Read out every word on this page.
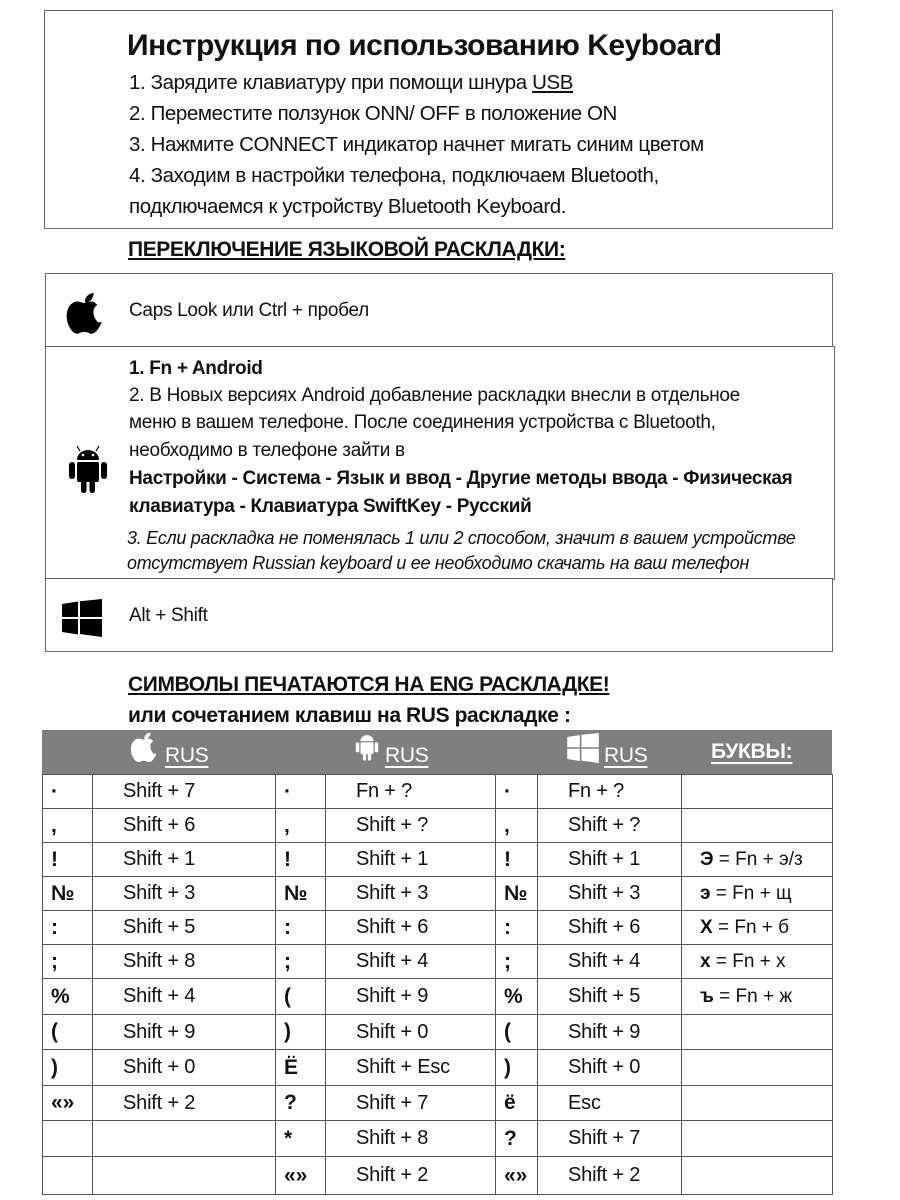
Инструкция по использованию Keyboard
1. Зарядите клавиатуру при помощи шнура USB
2. Переместите ползунок ONN/ OFF в положение ON
3. Нажмите CONNECT индикатор начнет мигать синим цветом
4. Заходим в настройки телефона, подключаем Bluetooth,
подключаемся к устройству Bluetooth Keyboard.
ПЕРЕКЛЮЧЕНИЕ ЯЗЫКОВОЙ РАСКЛАДКИ:
Caps Look или Ctrl + пробел
1. Fn + Android
2. В Новых версиях Android добавление раскладки внесли в отдельное
меню в вашем телефоне. После соединения устройства с Bluetooth,
необходимо в телефоне зайти в
Настройки - Система - Язык и ввод - Другие методы ввода - Физическая
клавиатура - Клавиатура SwiftKey - Русский
3. Если раскладка не поменялась 1 или 2 способом, значит в вашем устройстве
отсутствует Russian keyboard и ее необходимо скачать на ваш телефон
Alt + Shift
СИМВОЛЫ ПЕЧАТАЮТСЯ НА ENG РАСКЛАДКЕ!
или сочетанием клавиш на RUS раскладке :
RUS	RUS	RUS	БУКВЫ:
·	Shift + 7	·	Fn + ?	·	Fn + ?	
,	Shift + 6	,	Shift + ?	,	Shift + ?	
!	Shift + 1	!	Shift + 1	!	Shift + 1	Э = Fn + э/з
№	Shift + 3	№	Shift + 3	№	Shift + 3	э = Fn + щ
:	Shift + 5	:	Shift + 6	:	Shift + 6	Х = Fn + б
;	Shift + 8	;	Shift + 4	;	Shift + 4	х = Fn + х
%	Shift + 4	(	Shift + 9	%	Shift + 5	ъ = Fn + ж
(	Shift + 9	)	Shift + 0	(	Shift + 9	
)	Shift + 0	Ё	Shift + Esc	)	Shift + 0	
«»	Shift + 2	?	Shift + 7	ё	Esc	
		*	Shift + 8	?	Shift + 7	
		«»	Shift + 2	«»	Shift + 2	
